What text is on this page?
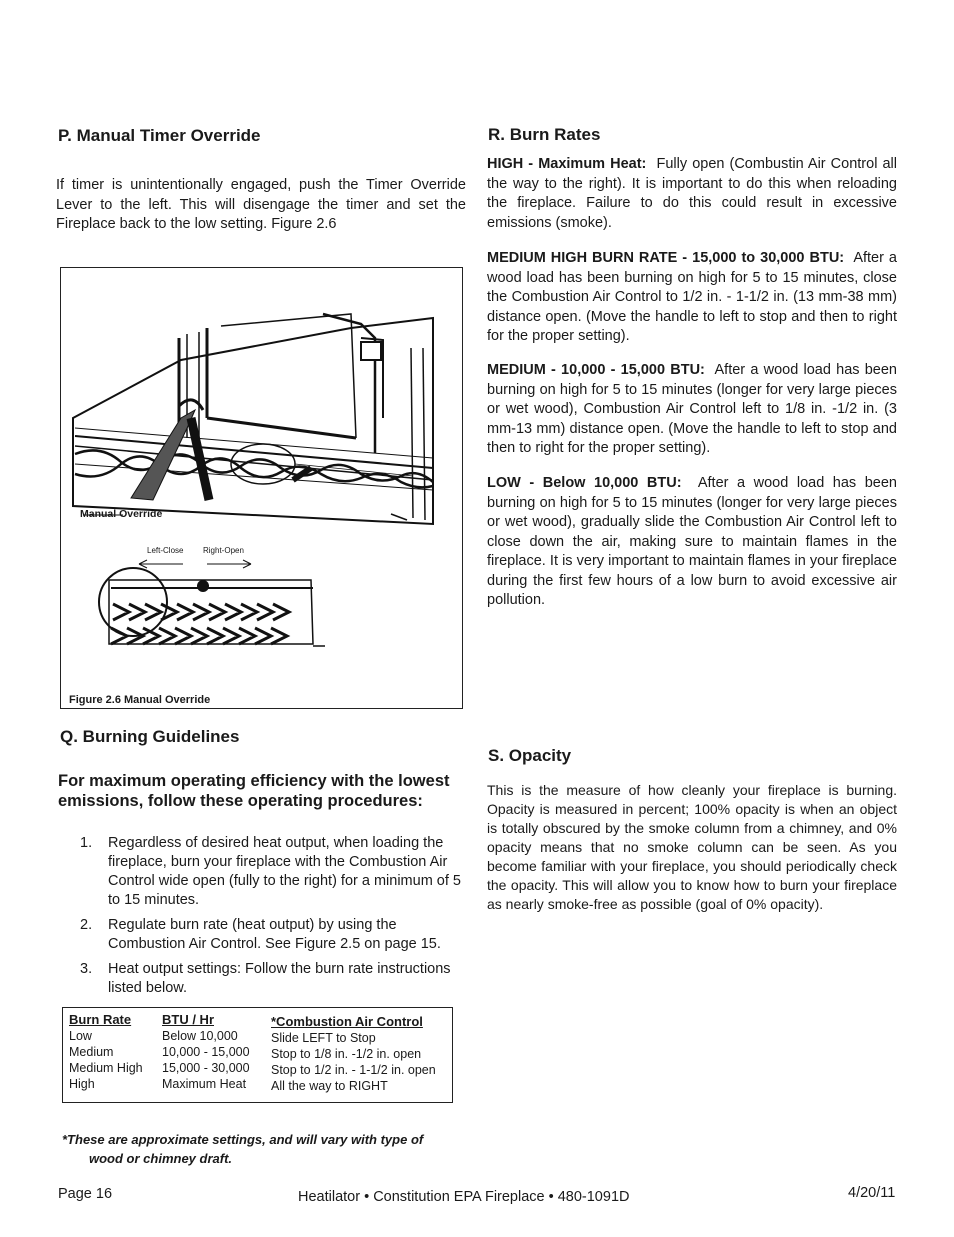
P. Manual Timer Override
If timer is unintentionally engaged, push the Timer Override Lever to the left. This will disengage the timer and set the Fireplace back to the low setting. Figure 2.6
Manual Override
Left-Close Right-Open
Figure 2.6 Manual Override
Q. Burning Guidelines
For maximum operating efficiency with the lowest emissions, follow these operating procedures:
1. Regardless of desired heat output, when loading the fireplace, burn your fireplace with the Combustion Air Control wide open (fully to the right) for a minimum of 5 to 15 minutes.
2. Regulate burn rate (heat output) by using the Combustion Air Control. See Figure 2.5 on page 15.
3. Heat output settings: Follow the burn rate instructions listed below.
Burn Rate
Low
Medium
Medium High
High
BTU / Hr
Below 10,000
10,000 - 15,000
15,000 - 30,000
Maximum Heat
*Combustion Air Control
Slide LEFT to Stop
Stop to 1/8 in. -1/2 in. open
Stop to 1/2 in. - 1-1/2 in. open
All the way to RIGHT
*These are approximate settings, and will vary with type of
wood or chimney draft.
R. Burn Rates
HIGH - Maximum Heat: Fully open (Combustin Air Control all the way to the right). It is important to do this when reloading the fireplace. Failure to do this could result in excessive emissions (smoke).
MEDIUM HIGH BURN RATE - 15,000 to 30,000 BTU: After a wood load has been burning on high for 5 to 15 minutes, close the Combustion Air Control to 1/2 in. - 1-1/2 in. (13 mm-38 mm) distance open. (Move the handle to left to stop and then to right for the proper setting).
MEDIUM - 10,000 - 15,000 BTU: After a wood load has been burning on high for 5 to 15 minutes (longer for very large pieces or wet wood), Combustion Air Control left to 1/8 in. -1/2 in. (3 mm-13 mm) distance open. (Move the handle to left to stop and then to right for the proper setting).
LOW - Below 10,000 BTU: After a wood load has been burning on high for 5 to 15 minutes (longer for very large pieces or wet wood), gradually slide the Combustion Air Control left to close down the air, making sure to maintain flames in the fireplace. It is very important to maintain flames in your fireplace during the first few hours of a low burn to avoid excessive air pollution.
S. Opacity
This is the measure of how cleanly your fireplace is burning. Opacity is measured in percent; 100% opacity is when an object is totally obscured by the smoke column from a chimney, and 0% opacity means that no smoke column can be seen. As you become familiar with your fireplace, you should periodically check the opacity. This will allow you to know how to burn your fireplace as nearly smoke-free as possible (goal of 0% opacity).
Page 16	Heatilator • Constitution EPA Fireplace • 480-1091D	4/20/11
